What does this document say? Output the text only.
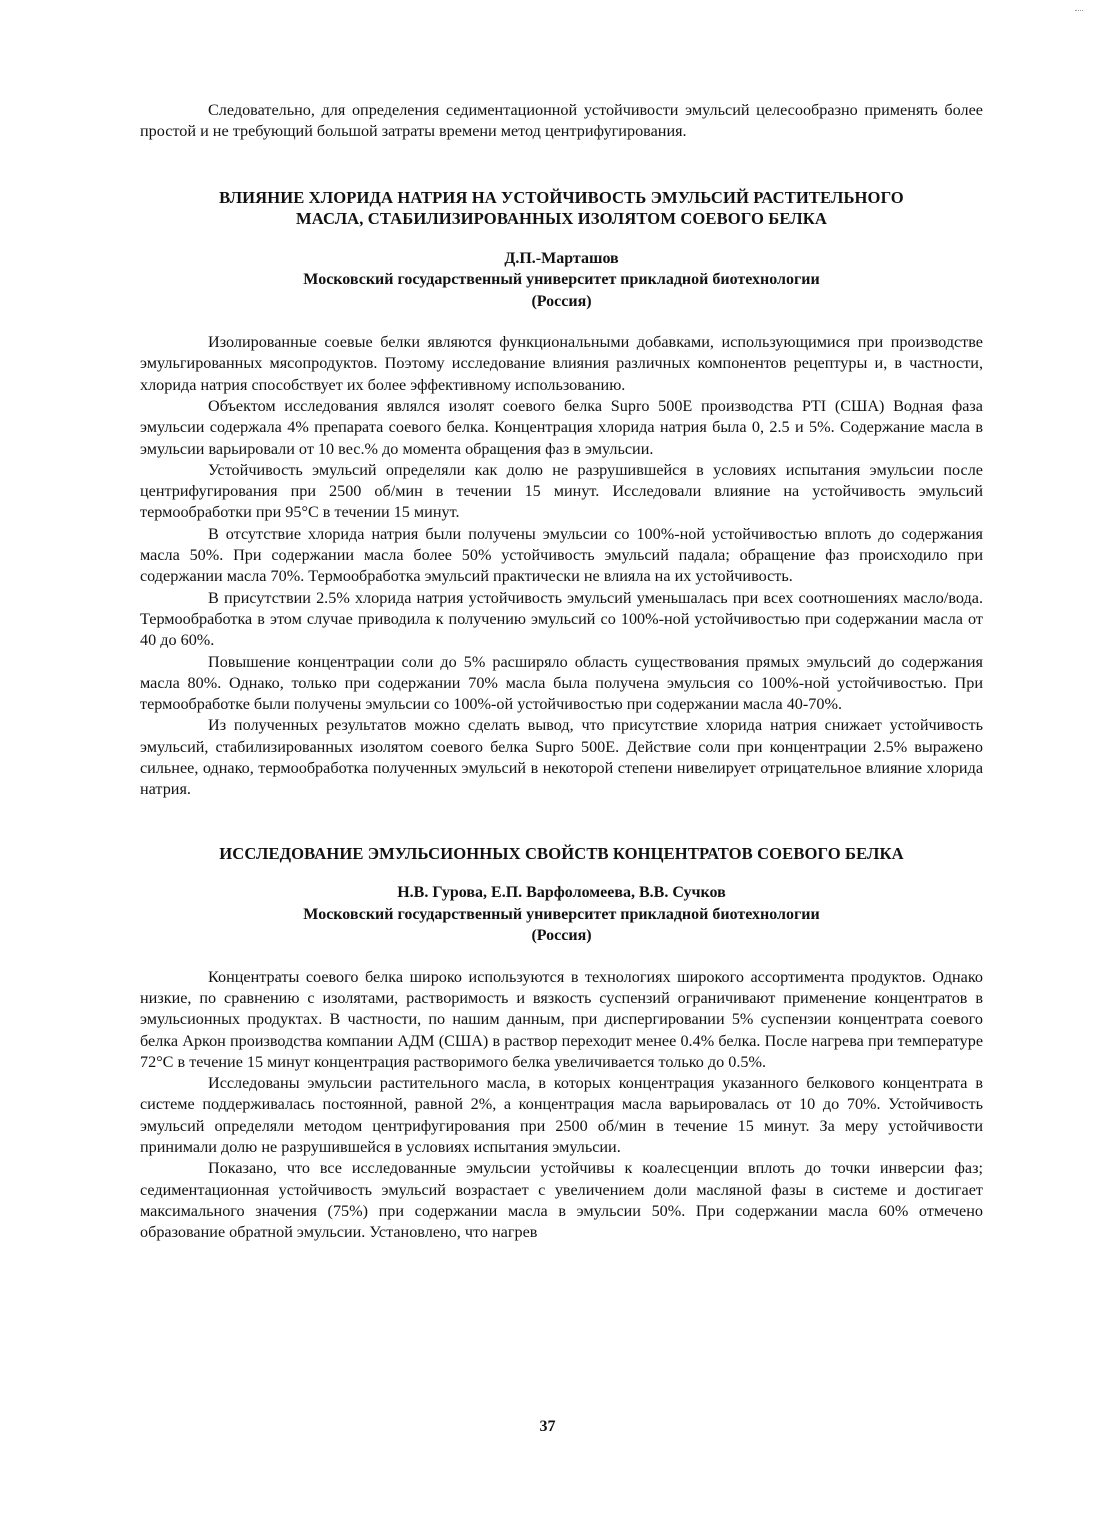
Следовательно, для определения седиментационной устойчивости эмульсий целесообразно применять более простой и не требующий большой затраты времени метод центрифугирования.

ВЛИЯНИЕ ХЛОРИДА НАТРИЯ НА УСТОЙЧИВОСТЬ ЭМУЛЬСИЙ РАСТИТЕЛЬНОГО
МАСЛА, СТАБИЛИЗИРОВАННЫХ ИЗОЛЯТОМ СОЕВОГО БЕЛКА
Д.П.-Марташов
Московский государственный университет прикладной биотехнологии
(Россия)

Изолированные соевые белки являются функциональными добавками, использующимися при производстве эмульгированных мясопродуктов. Поэтому исследование влияния различных компонентов рецептуры и, в частности, хлорида натрия способствует их более эффективному использованию.

Объектом исследования являлся изолят соевого белка Supro 500E производства PTI (США) Водная фаза эмульсии содержала 4% препарата соевого белка. Концентрация хлорида натрия была 0, 2.5 и 5%. Содержание масла в эмульсии варьировали от 10 вес.% до момента обращения фаз в эмульсии.

Устойчивость эмульсий определяли как долю не разрушившейся в условиях испытания эмульсии после центрифугирования при 2500 об/мин в течении 15 минут. Исследовали влияние на устойчивость эмульсий термообработки при 95°С в течении 15 минут.

В отсутствие хлорида натрия были получены эмульсии со 100%-ной устойчивостью вплоть до содержания масла 50%. При содержании масла более 50% устойчивость эмульсий падала; обращение фаз происходило при содержании масла 70%. Термообработка эмульсий практически не влияла на их устойчивость.

В присутствии 2.5% хлорида натрия устойчивость эмульсий уменьшалась при всех соотношениях масло/вода. Термообработка в этом случае приводила к получению эмульсий со 100%-ной устойчивостью при содержании масла от 40 до 60%.

Повышение концентрации соли до 5% расширяло область существования прямых эмульсий до содержания масла 80%. Однако, только при содержании 70% масла была получена эмульсия со 100%-ной устойчивостью. При термообработке были получены эмульсии со 100%-ой устойчивостью при содержании масла 40-70%.

Из полученных результатов можно сделать вывод, что присутствие хлорида натрия снижает устойчивость эмульсий, стабилизированных изолятом соевого белка Supro 500E. Действие соли при концентрации 2.5% выражено сильнее, однако, термообработка полученных эмульсий в некоторой степени нивелирует отрицательное влияние хлорида натрия.

ИССЛЕДОВАНИЕ ЭМУЛЬСИОННЫХ СВОЙСТВ КОНЦЕНТРАТОВ СОЕВОГО БЕЛКА
Н.В. Гурова, Е.П. Варфоломеева, В.В. Сучков
Московский государственный университет прикладной биотехнологии
(Россия)

Концентраты соевого белка широко используются в технологиях широкого ассортимента продуктов. Однако низкие, по сравнению с изолятами, растворимость и вязкость суспензий ограничивают применение концентратов в эмульсионных продуктах. В частности, по нашим данным, при диспергировании 5% суспензии концентрата соевого белка Аркон производства компании АДМ (США) в раствор переходит менее 0.4% белка. После нагрева при температуре 72°С в течение 15 минут концентрация растворимого белка увеличивается только до 0.5%.

Исследованы эмульсии растительного масла, в которых концентрация указанного белкового концентрата в системе поддерживалась постоянной, равной 2%, а концентрация масла варьировалась от 10 до 70%. Устойчивость эмульсий определяли методом центрифугирования при 2500 об/мин в течение 15 минут. За меру устойчивости принимали долю не разрушившейся в условиях испытания эмульсии.

Показано, что все исследованные эмульсии устойчивы к коалесценции вплоть до точки инверсии фаз; седиментационная устойчивость эмульсий возрастает с увеличением доли масляной фазы в системе и достигает максимального значения (75%) при содержании масла в эмульсии 50%. При содержании масла 60% отмечено образование обратной эмульсии. Установлено, что нагрев

37
